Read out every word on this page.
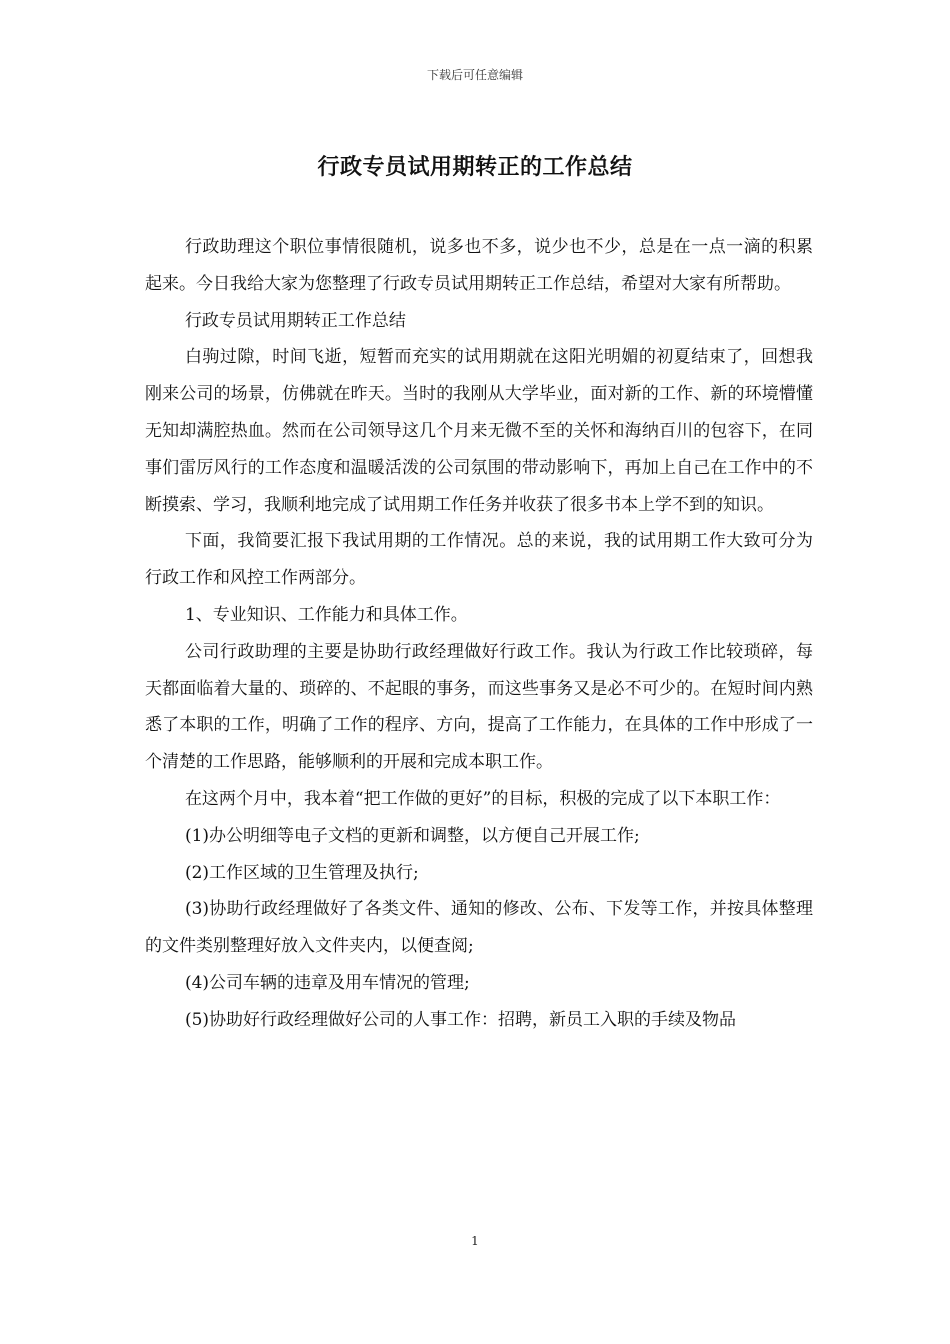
下载后可任意编辑
行政专员试用期转正的工作总结

行政助理这个职位事情很随机，说多也不多，说少也不少，总是在一点一滴的积累起来。今日我给大家为您整理了行政专员试用期转正工作总结，希望对大家有所帮助。

行政专员试用期转正工作总结

白驹过隙，时间飞逝，短暂而充实的试用期就在这阳光明媚的初夏结束了，回想我刚来公司的场景，仿佛就在昨天。当时的我刚从大学毕业，面对新的工作、新的环境懵懂无知却满腔热血。然而在公司领导这几个月来无微不至的关怀和海纳百川的包容下，在同事们雷厉风行的工作态度和温暖活泼的公司氛围的带动影响下，再加上自己在工作中的不断摸索、学习，我顺利地完成了试用期工作任务并收获了很多书本上学不到的知识。

下面，我简要汇报下我试用期的工作情况。总的来说，我的试用期工作大致可分为行政工作和风控工作两部分。

1、专业知识、工作能力和具体工作。

公司行政助理的主要是协助行政经理做好行政工作。我认为行政工作比较琐碎，每天都面临着大量的、琐碎的、不起眼的事务，而这些事务又是必不可少的。在短时间内熟悉了本职的工作，明确了工作的程序、方向，提高了工作能力，在具体的工作中形成了一个清楚的工作思路，能够顺利的开展和完成本职工作。

在这两个月中，我本着“把工作做的更好”的目标，积极的完成了以下本职工作：

(1)办公明细等电子文档的更新和调整，以方便自己开展工作;

(2)工作区域的卫生管理及执行;

(3)协助行政经理做好了各类文件、通知的修改、公布、下发等工作，并按具体整理的文件类别整理好放入文件夹内，以便查阅;

(4)公司车辆的违章及用车情况的管理;

(5)协助好行政经理做好公司的人事工作：招聘，新员工入职的手续及物品

1
